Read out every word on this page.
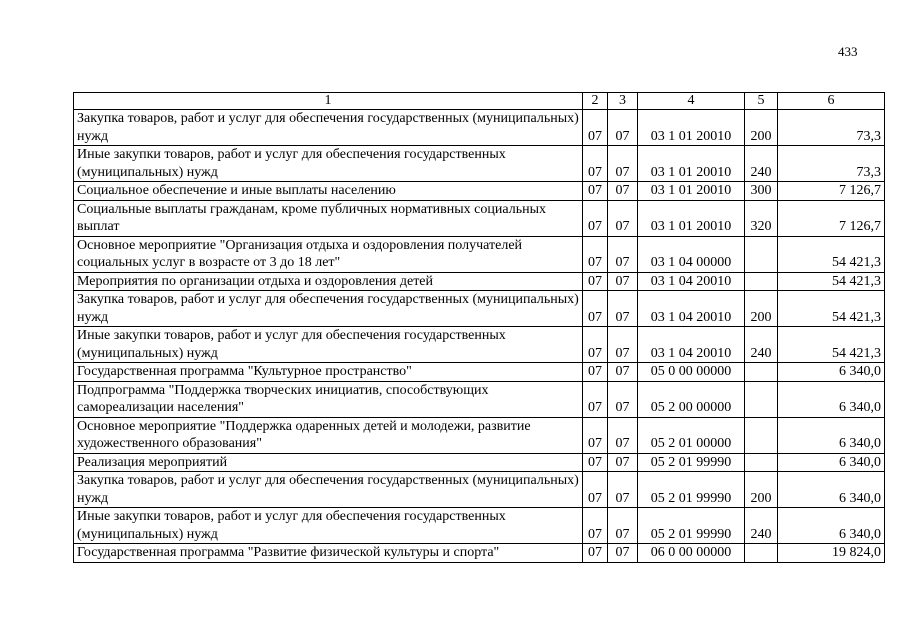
433
1	2	3	4	5	6
Закупка товаров, работ и услуг для обеспечения государственных (муниципальных) нужд	07	07	03 1 01 20010	200	73,3
Иные закупки товаров, работ и услуг для обеспечения государственных (муниципальных) нужд	07	07	03 1 01 20010	240	73,3
Социальное обеспечение и иные выплаты населению	07	07	03 1 01 20010	300	7 126,7
Социальные выплаты гражданам, кроме публичных нормативных социальных выплат	07	07	03 1 01 20010	320	7 126,7
Основное мероприятие "Организация отдыха и оздоровления получателей социальных услуг в возрасте от 3 до 18 лет"	07	07	03 1 04 00000		54 421,3
Мероприятия по организации отдыха и оздоровления детей	07	07	03 1 04 20010		54 421,3
Закупка товаров, работ и услуг для обеспечения государственных (муниципальных) нужд	07	07	03 1 04 20010	200	54 421,3
Иные закупки товаров, работ и услуг для обеспечения государственных (муниципальных) нужд	07	07	03 1 04 20010	240	54 421,3
Государственная программа "Культурное пространство"	07	07	05 0 00 00000		6 340,0
Подпрограмма "Поддержка творческих инициатив, способствующих самореализации населения"	07	07	05 2 00 00000		6 340,0
Основное мероприятие "Поддержка одаренных детей и молодежи, развитие художественного образования"	07	07	05 2 01 00000		6 340,0
Реализация мероприятий	07	07	05 2 01 99990		6 340,0
Закупка товаров, работ и услуг для обеспечения государственных (муниципальных) нужд	07	07	05 2 01 99990	200	6 340,0
Иные закупки товаров, работ и услуг для обеспечения государственных (муниципальных) нужд	07	07	05 2 01 99990	240	6 340,0
Государственная программа "Развитие физической культуры и спорта"	07	07	06 0 00 00000		19 824,0
